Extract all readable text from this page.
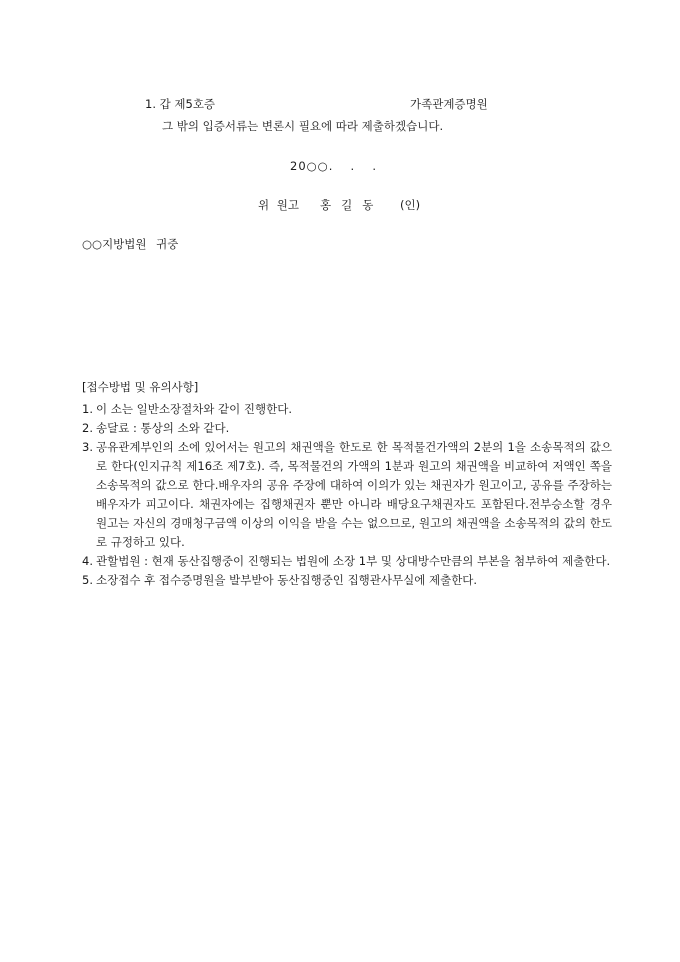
1. 갑 제5호증	가족관계증명원
그 밖의 입증서류는 변론시 필요에 따라 제출하겠습니다.
20○○.　 .　 .
위 원고 홍길동 (인)
○○지방법원 귀중
[접수방법 및 유의사항]
1. 이 소는 일반소장절차와 같이 진행한다.
2. 송달료 : 통상의 소와 같다.
3. 공유관계부인의 소에 있어서는 원고의 채권액을 한도로 한 목적물건가액의 2분의 1을 소송목적의 값으로 한다(인지규칙 제16조 제7호). 즉, 목적물건의 가액의 1분과 원고의 채권액을 비교하여 저액인 쪽을 소송목적의 값으로 한다.배우자의 공유 주장에 대하여 이의가 있는 채권자가 원고이고, 공유를 주장하는 배우자가 피고이다. 채권자에는 집행채권자 뿐만 아니라 배당요구채권자도 포함된다.전부승소할 경우 원고는 자신의 경매청구금액 이상의 이익을 받을 수는 없으므로, 원고의 채권액을 소송목적의 값의 한도로 규정하고 있다.
4. 관할법원 : 현재 동산집행중이 진행되는 법원에 소장 1부 및 상대방수만큼의 부본을 첨부하여 제출한다.
5. 소장접수 후 접수증명원을 발부받아 동산집행중인 집행관사무실에 제출한다.
